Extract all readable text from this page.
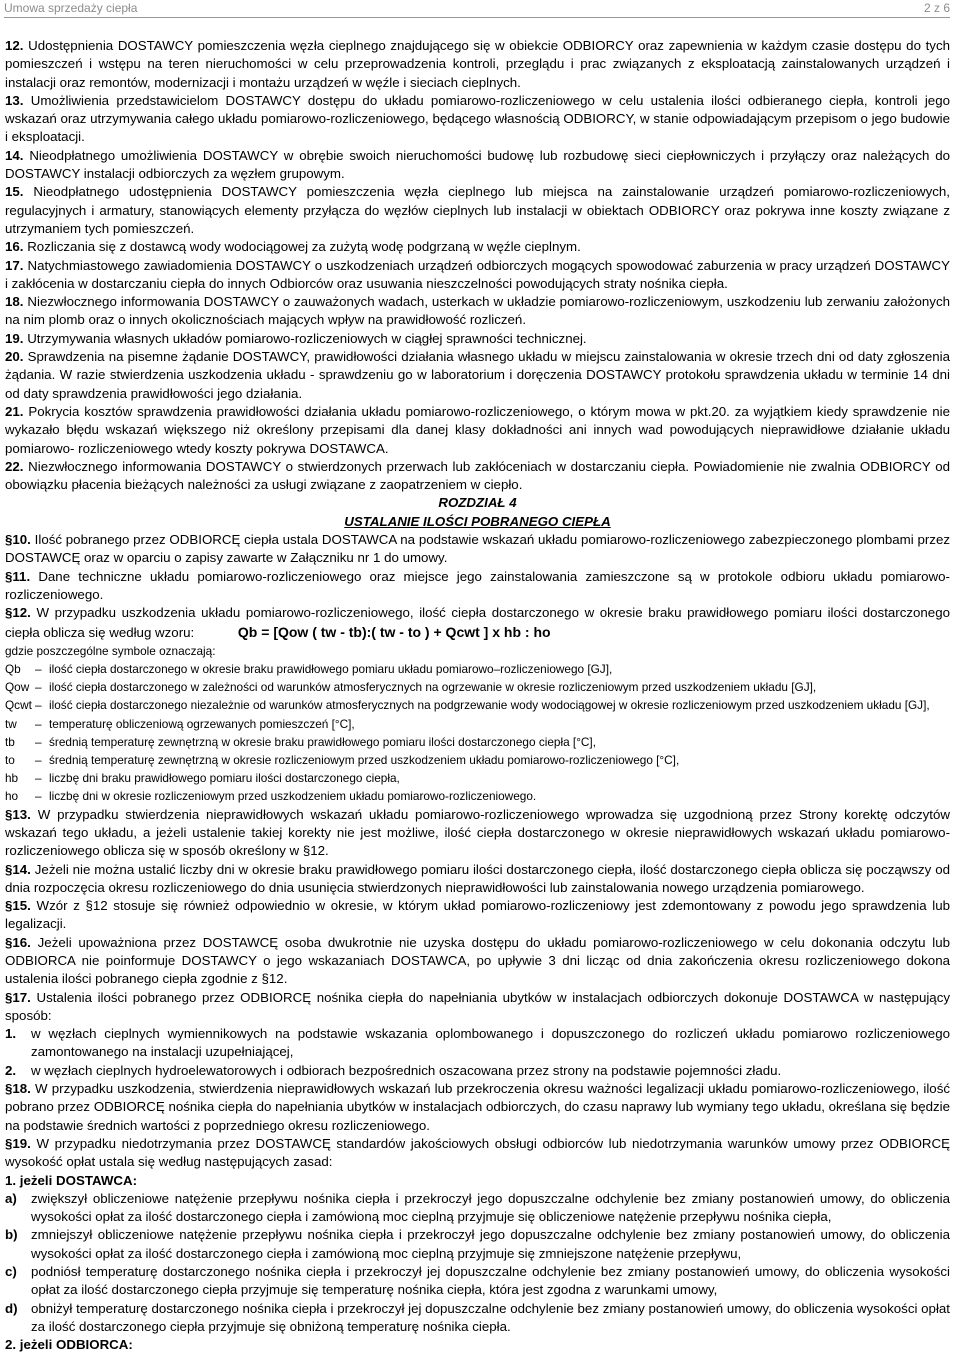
Umowa sprzedaży ciepła	2 z 6

12. Udostępnienia DOSTAWCY pomieszczenia węzła cieplnego znajdującego się w obiekcie ODBIORCY oraz zapewnienia w każdym czasie dostępu do tych pomieszczeń i wstępu na teren nieruchomości w celu przeprowadzenia kontroli, przeglądu i prac związanych z eksploatacją zainstalowanych urządzeń i instalacji oraz remontów, modernizacji i montażu urządzeń w węźle i sieciach cieplnych.

13. Umożliwienia przedstawicielom DOSTAWCY dostępu do układu pomiarowo-rozliczeniowego w celu ustalenia ilości odbieranego ciepła, kontroli jego wskazań oraz utrzymywania całego układu pomiarowo-rozliczeniowego, będącego własnością ODBIORCY, w stanie odpowiadającym przepisom o jego budowie i eksploatacji.

14. Nieodpłatnego umożliwienia DOSTAWCY w obrębie swoich nieruchomości budowę lub rozbudowę sieci ciepłowniczych i przyłączy oraz należących do DOSTAWCY instalacji odbiorczych za węzłem grupowym.

15. Nieodpłatnego udostępnienia DOSTAWCY pomieszczenia węzła cieplnego lub miejsca na zainstalowanie urządzeń pomiarowo-rozliczeniowych, regulacyjnych i armatury, stanowiących elementy przyłącza do węzłów cieplnych lub instalacji w obiektach ODBIORCY oraz pokrywa inne koszty związane z utrzymaniem tych pomieszczeń.

16. Rozliczania się z dostawcą wody wodociągowej za zużytą wodę podgrzaną w węźle cieplnym.

17. Natychmiastowego zawiadomienia DOSTAWCY o uszkodzeniach urządzeń odbiorczych mogących spowodować zaburzenia w pracy urządzeń DOSTAWCY i zakłócenia w dostarczaniu ciepła do innych Odbiorców oraz usuwania nieszczelności powodujących straty nośnika ciepła.

18. Niezwłocznego informowania DOSTAWCY o zauważonych wadach, usterkach w układzie pomiarowo-rozliczeniowym, uszkodzeniu lub zerwaniu założonych na nim plomb oraz o innych okolicznościach mających wpływ na prawidłowość rozliczeń.

19. Utrzymywania własnych układów pomiarowo-rozliczeniowych w ciągłej sprawności technicznej.

20. Sprawdzenia na pisemne żądanie DOSTAWCY, prawidłowości działania własnego układu w miejscu zainstalowania w okresie trzech dni od daty zgłoszenia żądania. W razie stwierdzenia uszkodzenia układu - sprawdzeniu go w laboratorium i doręczenia DOSTAWCY protokołu sprawdzenia układu w terminie 14 dni od daty sprawdzenia prawidłowości jego działania.

21. Pokrycia kosztów sprawdzenia prawidłowości działania układu pomiarowo-rozliczeniowego, o którym mowa w pkt.20. za wyjątkiem kiedy sprawdzenie nie wykazało błędu wskazań większego niż określony przepisami dla danej klasy dokładności ani innych wad powodujących nieprawidłowe działanie układu pomiarowo- rozliczeniowego wtedy koszty pokrywa DOSTAWCA.

22. Niezwłocznego informowania DOSTAWCY o stwierdzonych przerwach lub zakłóceniach w dostarczaniu ciepła. Powiadomienie nie zwalnia ODBIORCY od obowiązku płacenia bieżących należności za usługi związane z zaopatrzeniem w ciepło.

ROZDZIAŁ 4

USTALANIE ILOŚCI POBRANEGO CIEPŁA

§10. Ilość pobranego przez ODBIORCĘ ciepła ustala DOSTAWCA na podstawie wskazań układu pomiarowo-rozliczeniowego zabezpieczonego plombami przez DOSTAWCĘ oraz w oparciu o zapisy zawarte w Załączniku nr 1 do umowy.

§11. Dane techniczne układu pomiarowo-rozliczeniowego oraz miejsce jego zainstalowania zamieszczone są w protokole odbioru układu pomiarowo-rozliczeniowego.

§12. W przypadku uszkodzenia układu pomiarowo-rozliczeniowego, ilość ciepła dostarczonego w okresie braku prawidłowego pomiaru ilości dostarczonego ciepła oblicza się według wzoru:	Qb = [Qow ( tw - tb):( tw - to ) + Qcwt ] x hb : ho

gdzie poszczególne symbole oznaczają:
Qb	– ilość ciepła dostarczonego w okresie braku prawidłowego pomiaru układu pomiarowo–rozliczeniowego [GJ],
Qow – ilość ciepła dostarczonego w zależności od warunków atmosferycznych na ogrzewanie w okresie rozliczeniowym przed uszkodzeniem układu [GJ],
Qcwt – ilość ciepła dostarczonego niezależnie od warunków atmosferycznych na podgrzewanie wody wodociągowej w okresie rozliczeniowym przed uszkodzeniem układu [GJ],
tw	– temperaturę obliczeniową ogrzewanych pomieszczeń [°C],
tb	– średnią temperaturę zewnętrzną w okresie braku prawidłowego pomiaru ilości dostarczonego ciepła [°C],
to	– średnią temperaturę zewnętrzną w okresie rozliczeniowym przed uszkodzeniem układu pomiarowo-rozliczeniowego [°C],
hb	– liczbę dni braku prawidłowego pomiaru ilości dostarczonego ciepła,
ho	– liczbę dni w okresie rozliczeniowym przed uszkodzeniem układu pomiarowo-rozliczeniowego.

§13. W przypadku stwierdzenia nieprawidłowych wskazań układu pomiarowo-rozliczeniowego wprowadza się uzgodnioną przez Strony korektę odczytów wskazań tego układu, a jeżeli ustalenie takiej korekty nie jest możliwe, ilość ciepła dostarczonego w okresie nieprawidłowych wskazań układu pomiarowo-rozliczeniowego oblicza się w sposób określony w §12.

§14. Jeżeli nie można ustalić liczby dni w okresie braku prawidłowego pomiaru ilości dostarczonego ciepła, ilość dostarczonego ciepła oblicza się począwszy od dnia rozpoczęcia okresu rozliczeniowego do dnia usunięcia stwierdzonych nieprawidłowości lub zainstalowania nowego urządzenia pomiarowego.

§15. Wzór z §12 stosuje się również odpowiednio w okresie, w którym układ pomiarowo-rozliczeniowy jest zdemontowany z powodu jego sprawdzenia lub legalizacji.

§16. Jeżeli upoważniona przez DOSTAWCĘ osoba dwukrotnie nie uzyska dostępu do układu pomiarowo-rozliczeniowego w celu dokonania odczytu lub ODBIORCA nie poinformuje DOSTAWCY o jego wskazaniach DOSTAWCA, po upływie 3 dni licząc od dnia zakończenia okresu rozliczeniowego dokona ustalenia ilości pobranego ciepła zgodnie z §12.

§17. Ustalenia ilości pobranego przez ODBIORCĘ nośnika ciepła do napełniania ubytków w instalacjach odbiorczych dokonuje DOSTAWCA w następujący sposób:

1.	w węzłach cieplnych wymiennikowych na podstawie wskazania oplombowanego i dopuszczonego do rozliczeń układu pomiarowo rozliczeniowego zamontowanego na instalacji uzupełniającej,
2.	w węzłach cieplnych hydroelewatorowych i odbiorach bezpośrednich oszacowana przez strony na podstawie pojemności zładu.

§18. W przypadku uszkodzenia, stwierdzenia nieprawidłowych wskazań lub przekroczenia okresu ważności legalizacji układu pomiarowo-rozliczeniowego, ilość pobrano przez ODBIORCĘ nośnika ciepła do napełniania ubytków w instalacjach odbiorczych, do czasu naprawy lub wymiany tego układu, określana się będzie na podstawie średnich wartości z poprzedniego okresu rozliczeniowego.

§19. W przypadku niedotrzymania przez DOSTAWCĘ standardów jakościowych obsługi odbiorców lub niedotrzymania warunków umowy przez ODBIORCĘ wysokość opłat ustala się według następujących zasad:

1. jeżeli DOSTAWCA:

a)	zwiększył obliczeniowe natężenie przepływu nośnika ciepła i przekroczył jego dopuszczalne odchylenie bez zmiany postanowień umowy, do obliczenia wysokości opłat za ilość dostarczonego ciepła i zamówioną moc cieplną przyjmuje się obliczeniowe natężenie przepływu nośnika ciepła,
b)	zmniejszył obliczeniowe natężenie przepływu nośnika ciepła i przekroczył jego dopuszczalne odchylenie bez zmiany postanowień umowy, do obliczenia wysokości opłat za ilość dostarczonego ciepła i zamówioną moc cieplną przyjmuje się zmniejszone natężenie przepływu,
c)	podniósł temperaturę dostarczonego nośnika ciepła i przekroczył jej dopuszczalne odchylenie bez zmiany postanowień umowy, do obliczenia wysokości opłat za ilość dostarczonego ciepła przyjmuje się temperaturę nośnika ciepła, która jest zgodna z warunkami umowy,
d)	obniżył temperaturę dostarczonego nośnika ciepła i przekroczył jej dopuszczalne odchylenie bez zmiany postanowień umowy, do obliczenia wysokości opłat za ilość dostarczonego ciepła przyjmuje się obniżoną temperaturę nośnika ciepła.

2. jeżeli ODBIORCA:
